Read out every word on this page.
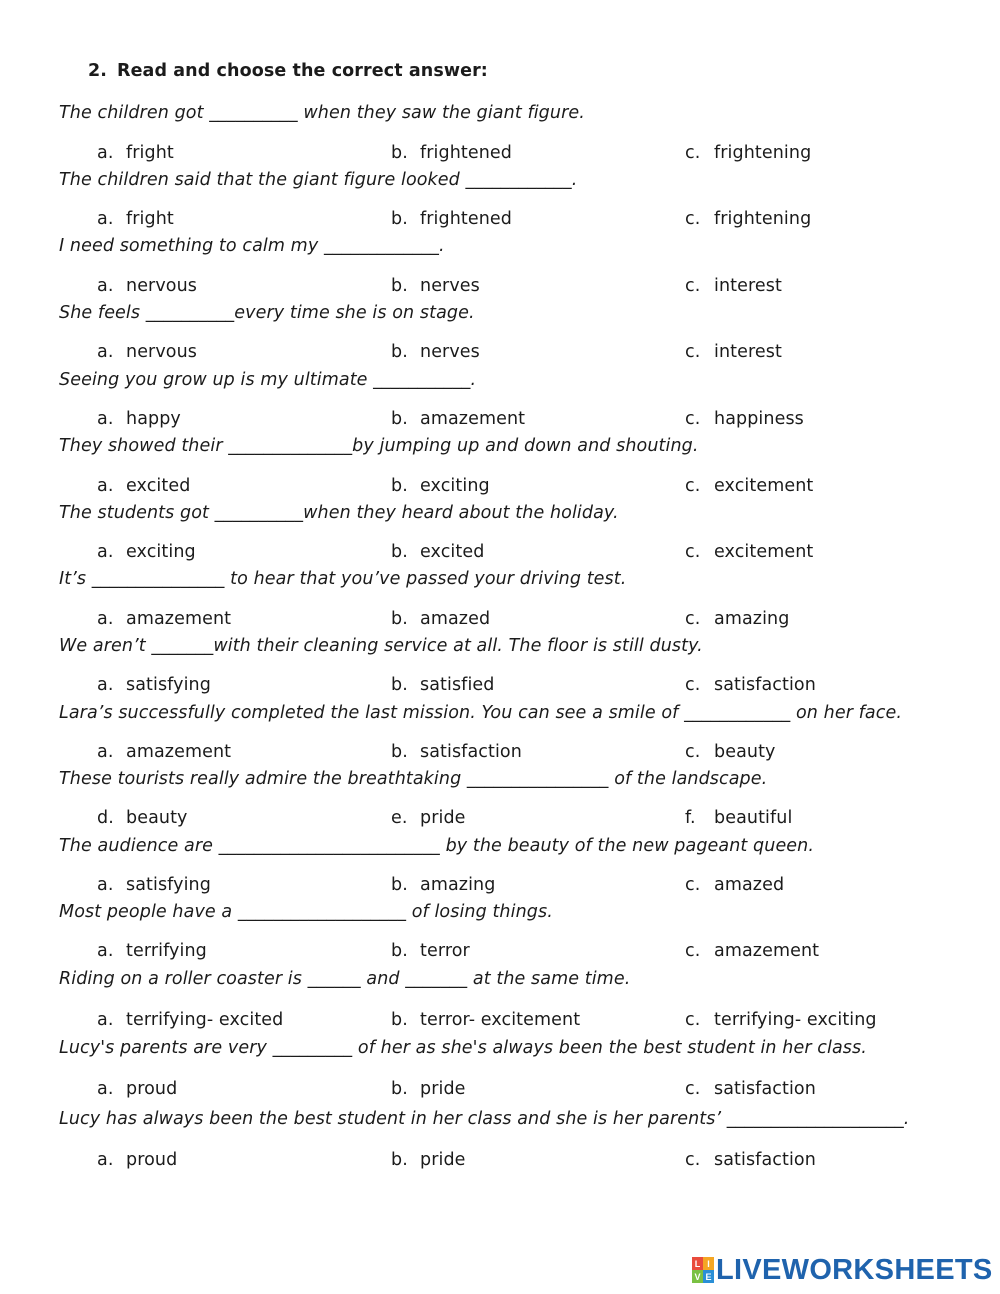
2. Read and choose the correct answer:
The children got __________ when they saw the giant figure.
a. fright	b. frightened	c. frightening
The children said that the giant figure looked ____________.
a. fright	b. frightened	c. frightening
I need something to calm my _____________.
a. nervous	b. nerves	c. interest
She feels __________every time she is on stage.
a. nervous	b. nerves	c. interest
Seeing you grow up is my ultimate ___________.
a. happy	b. amazement	c. happiness
They showed their ______________by jumping up and down and shouting.
a. excited	b. exciting	c. excitement
The students got __________when they heard about the holiday.
a. exciting	b. excited	c. excitement
It’s _______________ to hear that you’ve passed your driving test.
a. amazement	b. amazed	c. amazing
We aren’t _______with their cleaning service at all. The floor is still dusty.
a. satisfying	b. satisfied	c. satisfaction
Lara’s successfully completed the last mission. You can see a smile of ____________ on her face.
a. amazement	b. satisfaction	c. beauty
These tourists really admire the breathtaking ________________ of the landscape.
d. beauty	e. pride	f. beautiful
The audience are _________________________ by the beauty of the new pageant queen.
a. satisfying	b. amazing	c. amazed
Most people have a ___________________ of losing things.
a. terrifying	b. terror	c. amazement
Riding on a roller coaster is ______ and _______ at the same time.
a. terrifying- excited	b. terror- excitement	c. terrifying- exciting
Lucy's parents are very _________ of her as she's always been the best student in her class.
a. proud	b. pride	c. satisfaction
Lucy has always been the best student in her class and she is her parents’ ____________________.
a. proud	b. pride	c. satisfaction
L I
V E LIVEWORKSHEETS
